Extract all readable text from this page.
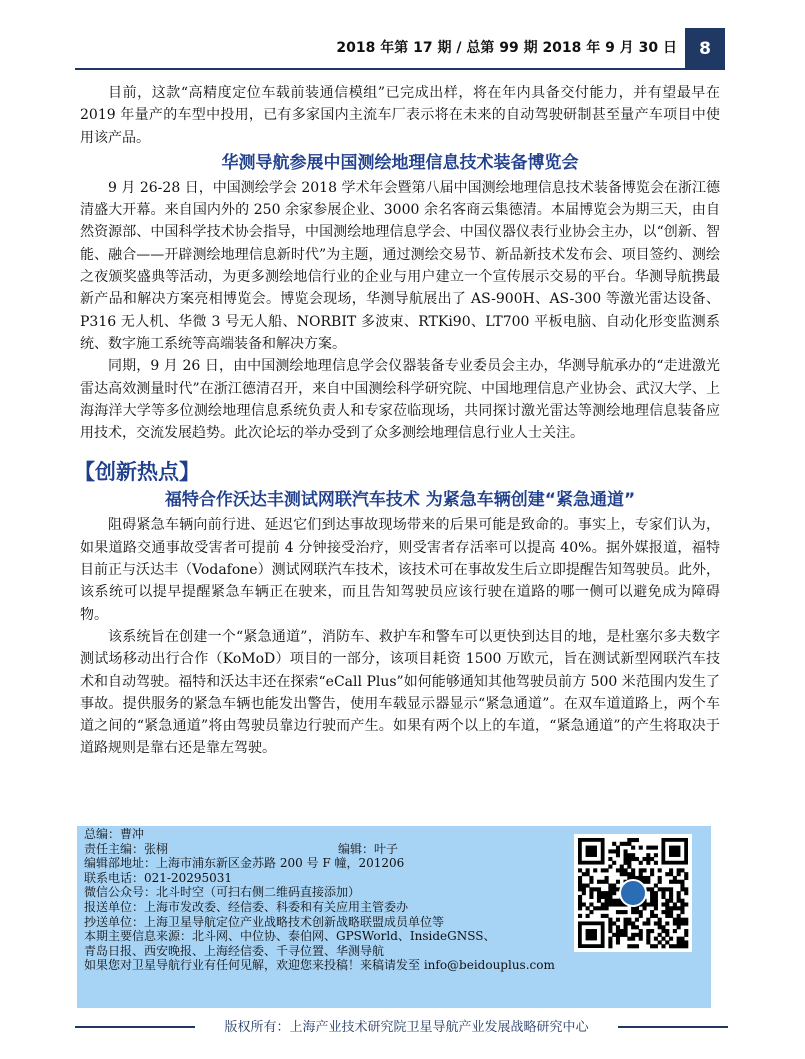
2018 年第 17 期 / 总第 99 期 2018 年 9 月 30 日	8

目前，这款“高精度定位车载前装通信模组”已完成出样，将在年内具备交付能力，并有望最早在 2019 年量产的车型中投用，已有多家国内主流车厂表示将在未来的自动驾驶研制甚至量产车项目中使用该产品。

华测导航参展中国测绘地理信息技术装备博览会

9 月 26-28 日，中国测绘学会 2018 学术年会暨第八届中国测绘地理信息技术装备博览会在浙江德清盛大开幕。来自国内外的 250 余家参展企业、3000 余名客商云集德清。本届博览会为期三天，由自然资源部、中国科学技术协会指导，中国测绘地理信息学会、中国仪器仪表行业协会主办，以“创新、智能、融合——开辟测绘地理信息新时代”为主题，通过测绘交易节、新品新技术发布会、项目签约、测绘之夜颁奖盛典等活动，为更多测绘地信行业的企业与用户建立一个宣传展示交易的平台。华测导航携最新产品和解决方案亮相博览会。博览会现场，华测导航展出了 AS-900H、AS-300 等激光雷达设备、P316 无人机、华微 3 号无人船、NORBIT 多波束、RTKi90、LT700 平板电脑、自动化形变监测系统、数字施工系统等高端装备和解决方案。

同期，9 月 26 日，由中国测绘地理信息学会仪器装备专业委员会主办，华测导航承办的“走进激光雷达高效测量时代”在浙江德清召开，来自中国测绘科学研究院、中国地理信息产业协会、武汉大学、上海海洋大学等多位测绘地理信息系统负责人和专家莅临现场，共同探讨激光雷达等测绘地理信息装备应用技术，交流发展趋势。此次论坛的举办受到了众多测绘地理信息行业人士关注。

【创新热点】
福特合作沃达丰测试网联汽车技术 为紧急车辆创建“紧急通道”

阻碍紧急车辆向前行进、延迟它们到达事故现场带来的后果可能是致命的。事实上，专家们认为，如果道路交通事故受害者可提前 4 分钟接受治疗，则受害者存活率可以提高 40%。据外媒报道，福特目前正与沃达丰（Vodafone）测试网联汽车技术，该技术可在事故发生后立即提醒告知驾驶员。此外，该系统可以提早提醒紧急车辆正在驶来，而且告知驾驶员应该行驶在道路的哪一侧可以避免成为障碍物。

该系统旨在创建一个“紧急通道”，消防车、救护车和警车可以更快到达目的地，是杜塞尔多夫数字测试场移动出行合作（KoMoD）项目的一部分，该项目耗资 1500 万欧元，旨在测试新型网联汽车技术和自动驾驶。福特和沃达丰还在探索“eCall Plus”如何能够通知其他驾驶员前方 500 米范围内发生了事故。提供服务的紧急车辆也能发出警告，使用车载显示器显示“紧急通道”。在双车道道路上，两个车道之间的“紧急通道”将由驾驶员靠边行驶而产生。如果有两个以上的车道，“紧急通道”的产生将取决于道路规则是靠右还是靠左驾驶。

总编：曹冲
责任主编：张栩	编辑：叶子
编辑部地址：上海市浦东新区金苏路 200 号 F 幢，201206
联系电话：021-20295031
微信公众号：北斗时空（可扫右侧二维码直接添加）
报送单位：上海市发改委、经信委、科委和有关应用主管委办
抄送单位：上海卫星导航定位产业战略技术创新战略联盟成员单位等
本期主要信息来源：北斗网、中位协、泰伯网、GPSWorld、InsideGNSS、
青岛日报、西安晚报、上海经信委、千寻位置、华测导航
如果您对卫星导航行业有任何见解，欢迎您来投稿！来稿请发至 info@beidouplus.com
版权所有：上海产业技术研究院卫星导航产业发展战略研究中心
